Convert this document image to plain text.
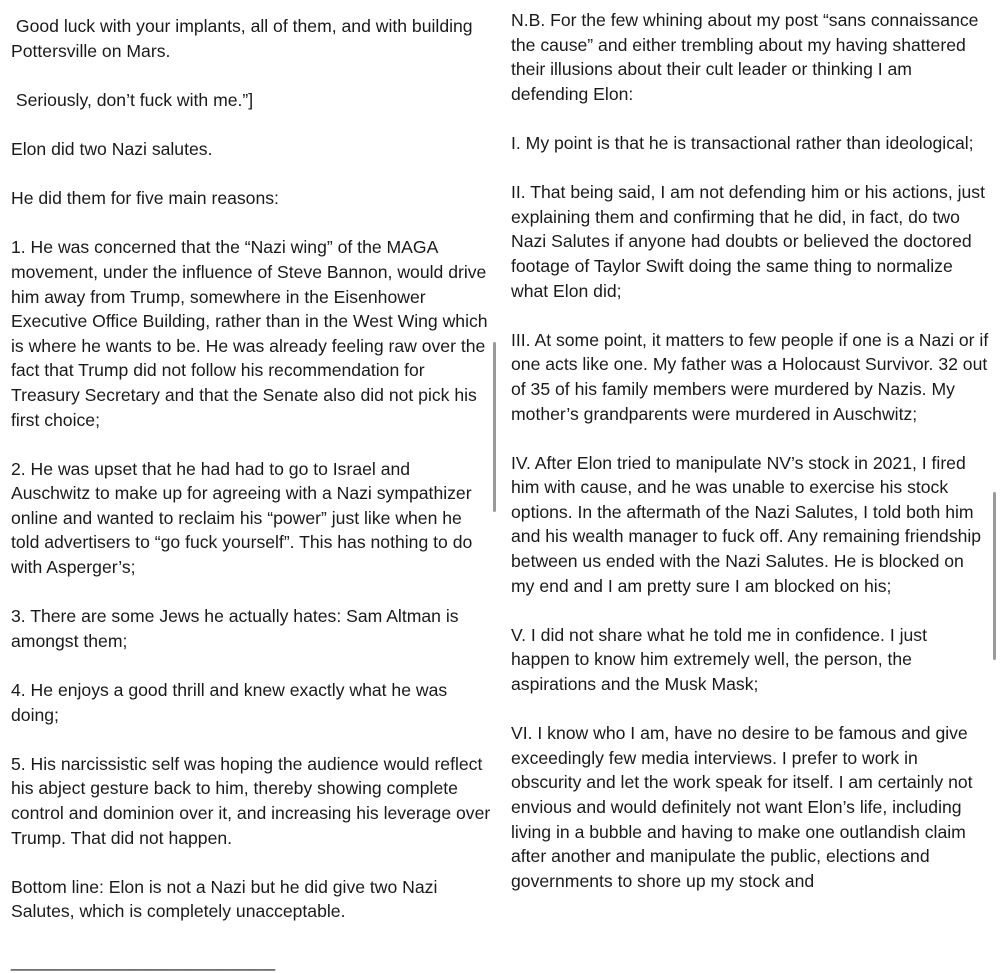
Good luck with your implants, all of them, and with building Pottersville on Mars.

Seriously, don’t fuck with me.”]

Elon did two Nazi salutes.

He did them for five main reasons:

1. He was concerned that the “Nazi wing” of the MAGA movement, under the influence of Steve Bannon, would drive him away from Trump, somewhere in the Eisenhower Executive Office Building, rather than in the West Wing which is where he wants to be. He was already feeling raw over the fact that Trump did not follow his recommendation for Treasury Secretary and that the Senate also did not pick his first choice;

2. He was upset that he had had to go to Israel and Auschwitz to make up for agreeing with a Nazi sympathizer online and wanted to reclaim his “power” just like when he told advertisers to “go fuck yourself”. This has nothing to do with Asperger’s;

3. There are some Jews he actually hates: Sam Altman is amongst them;

4. He enjoys a good thrill and knew exactly what he was doing;

5. His narcissistic self was hoping the audience would reflect his abject gesture back to him, thereby showing complete control and dominion over it, and increasing his leverage over Trump. That did not happen.

Bottom line: Elon is not a Nazi but he did give two Nazi Salutes, which is completely unacceptable.

___________________________

N.B. For the few whining about my post “sans connaissance the cause” and either trembling about my having shattered their illusions about their cult leader or thinking I am defending Elon:

I. My point is that he is transactional rather than ideological;

II. That being said, I am not defending him or his actions, just explaining them and confirming that he did, in fact, do two Nazi Salutes if anyone had doubts or believed the doctored footage of Taylor Swift doing the same thing to normalize what Elon did;

III. At some point, it matters to few people if one is a Nazi or if one acts like one. My father was a Holocaust Survivor. 32 out of 35 of his family members were murdered by Nazis. My mother’s grandparents were murdered in Auschwitz;

IV. After Elon tried to manipulate NV’s stock in 2021, I fired him with cause, and he was unable to exercise his stock options. In the aftermath of the Nazi Salutes, I told both him and his wealth manager to fuck off. Any remaining friendship between us ended with the Nazi Salutes. He is blocked on my end and I am pretty sure I am blocked on his;

V. I did not share what he told me in confidence. I just happen to know him extremely well, the person, the aspirations and the Musk Mask;

VI. I know who I am, have no desire to be famous and give exceedingly few media interviews. I prefer to work in obscurity and let the work speak for itself. I am certainly not envious and would definitely not want Elon’s life, including living in a bubble and having to make one outlandish claim after another and manipulate the public, elections and governments to shore up my stock and
